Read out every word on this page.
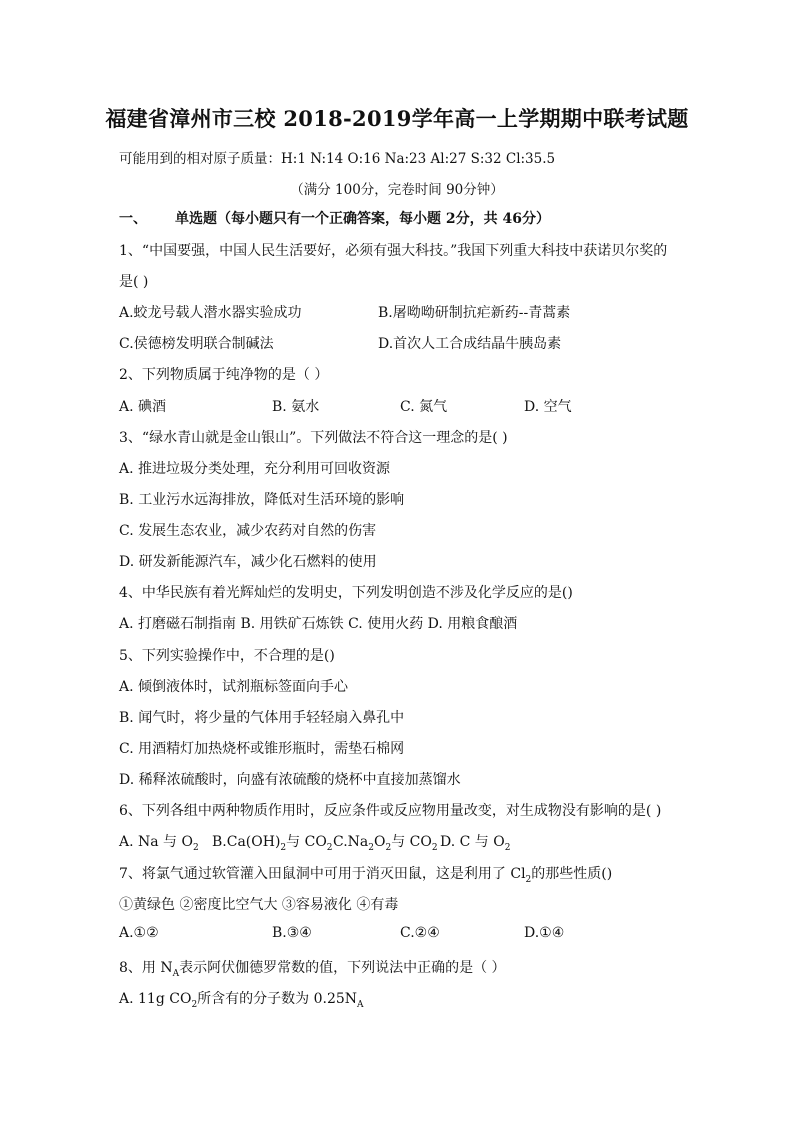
福建省漳州市三校 2018-2019学年高一上学期期中联考试题
可能用到的相对原子质量：H:1 N:14 O:16 Na:23 Al:27 S:32 Cl:35.5
（满分 100分，完卷时间 90分钟）
一、 单选题（每小题只有一个正确答案，每小题 2分，共 46分）
1、“中国要强，中国人民生活要好，必须有强大科技。”我国下列重大科技中获诺贝尔奖的
是( )
A.蛟龙号载人潜水器实验成功	B.屠呦呦研制抗疟新药--青蒿素
C.侯德榜发明联合制碱法	D.首次人工合成结晶牛胰岛素
2、下列物质属于纯净物的是（ ）
A. 碘酒	B. 氨水	C. 氮气	D. 空气
3、“绿水青山就是金山银山”。下列做法不符合这一理念的是( )
A. 推进垃圾分类处理，充分利用可回收资源
B. 工业污水远海排放，降低对生活环境的影响
C. 发展生态农业，减少农药对自然的伤害
D. 研发新能源汽车，减少化石燃料的使用
4、中华民族有着光辉灿烂的发明史，下列发明创造不涉及化学反应的是()
A. 打磨磁石制指南 B. 用铁矿石炼铁 C. 使用火药 D. 用粮食酿酒
5、下列实验操作中，不合理的是()
A. 倾倒液体时，试剂瓶标签面向手心
B. 闻气时，将少量的气体用手轻轻扇入鼻孔中
C. 用酒精灯加热烧杯或锥形瓶时，需垫石棉网
D. 稀释浓硫酸时，向盛有浓硫酸的烧杯中直接加蒸馏水
6、下列各组中两种物质作用时，反应条件或反应物用量改变，对生成物没有影响的是( )
A. Na 与 $O_2$ $B.Ca(OH)_2$与 $CO_2$ $C.Na_2O_2$与 $CO_2$ D. C 与 $O_2$
7、将氯气通过软管灌入田鼠洞中可用于消灭田鼠，这是利用了 $Cl_2$的那些性质()
①黄绿色 ②密度比空气大 ③容易液化 ④有毒
A.①②	B.③④	C.②④	D.①④
8、用 $N_A$表示阿伏伽德罗常数的值，下列说法中正确的是（ ）
A. 11g $CO_2$所含有的分子数为 $0.25N_A$
